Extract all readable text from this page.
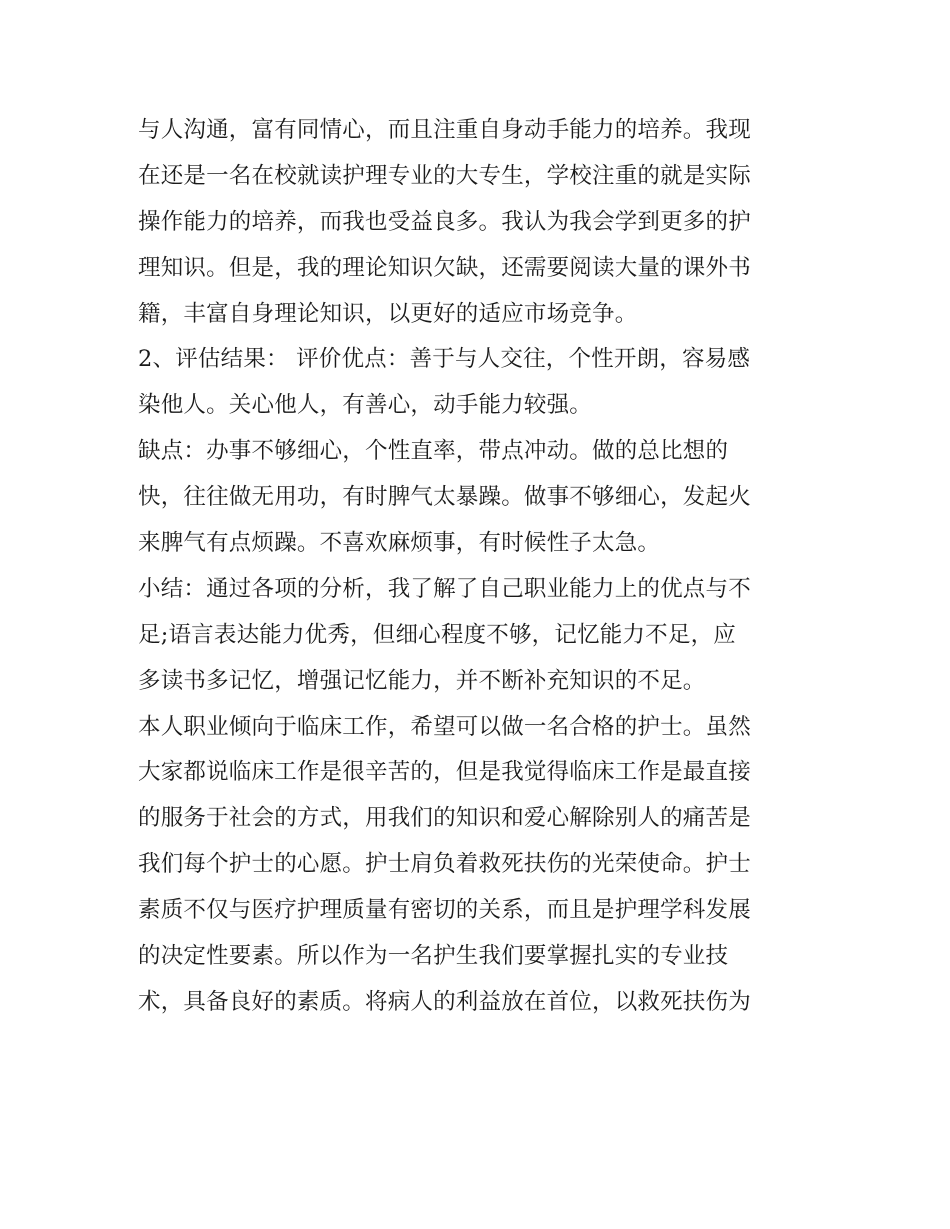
与人沟通，富有同情心，而且注重自身动手能力的培养。我现
在还是一名在校就读护理专业的大专生，学校注重的就是实际
操作能力的培养，而我也受益良多。我认为我会学到更多的护
理知识。但是，我的理论知识欠缺，还需要阅读大量的课外书
籍，丰富自身理论知识，以更好的适应市场竞争。
2、评估结果： 评价优点：善于与人交往，个性开朗，容易感
染他人。关心他人，有善心，动手能力较强。
缺点：办事不够细心，个性直率，带点冲动。做的总比想的
快，往往做无用功，有时脾气太暴躁。做事不够细心，发起火
来脾气有点烦躁。不喜欢麻烦事，有时候性子太急。
小结：通过各项的分析，我了解了自己职业能力上的优点与不
足;语言表达能力优秀，但细心程度不够，记忆能力不足，应
多读书多记忆，增强记忆能力，并不断补充知识的不足。
本人职业倾向于临床工作，希望可以做一名合格的护士。虽然
大家都说临床工作是很辛苦的，但是我觉得临床工作是最直接
的服务于社会的方式，用我们的知识和爱心解除别人的痛苦是
我们每个护士的心愿。护士肩负着救死扶伤的光荣使命。护士
素质不仅与医疗护理质量有密切的关系，而且是护理学科发展
的决定性要素。所以作为一名护生我们要掌握扎实的专业技
术，具备良好的素质。将病人的利益放在首位，以救死扶伤为
